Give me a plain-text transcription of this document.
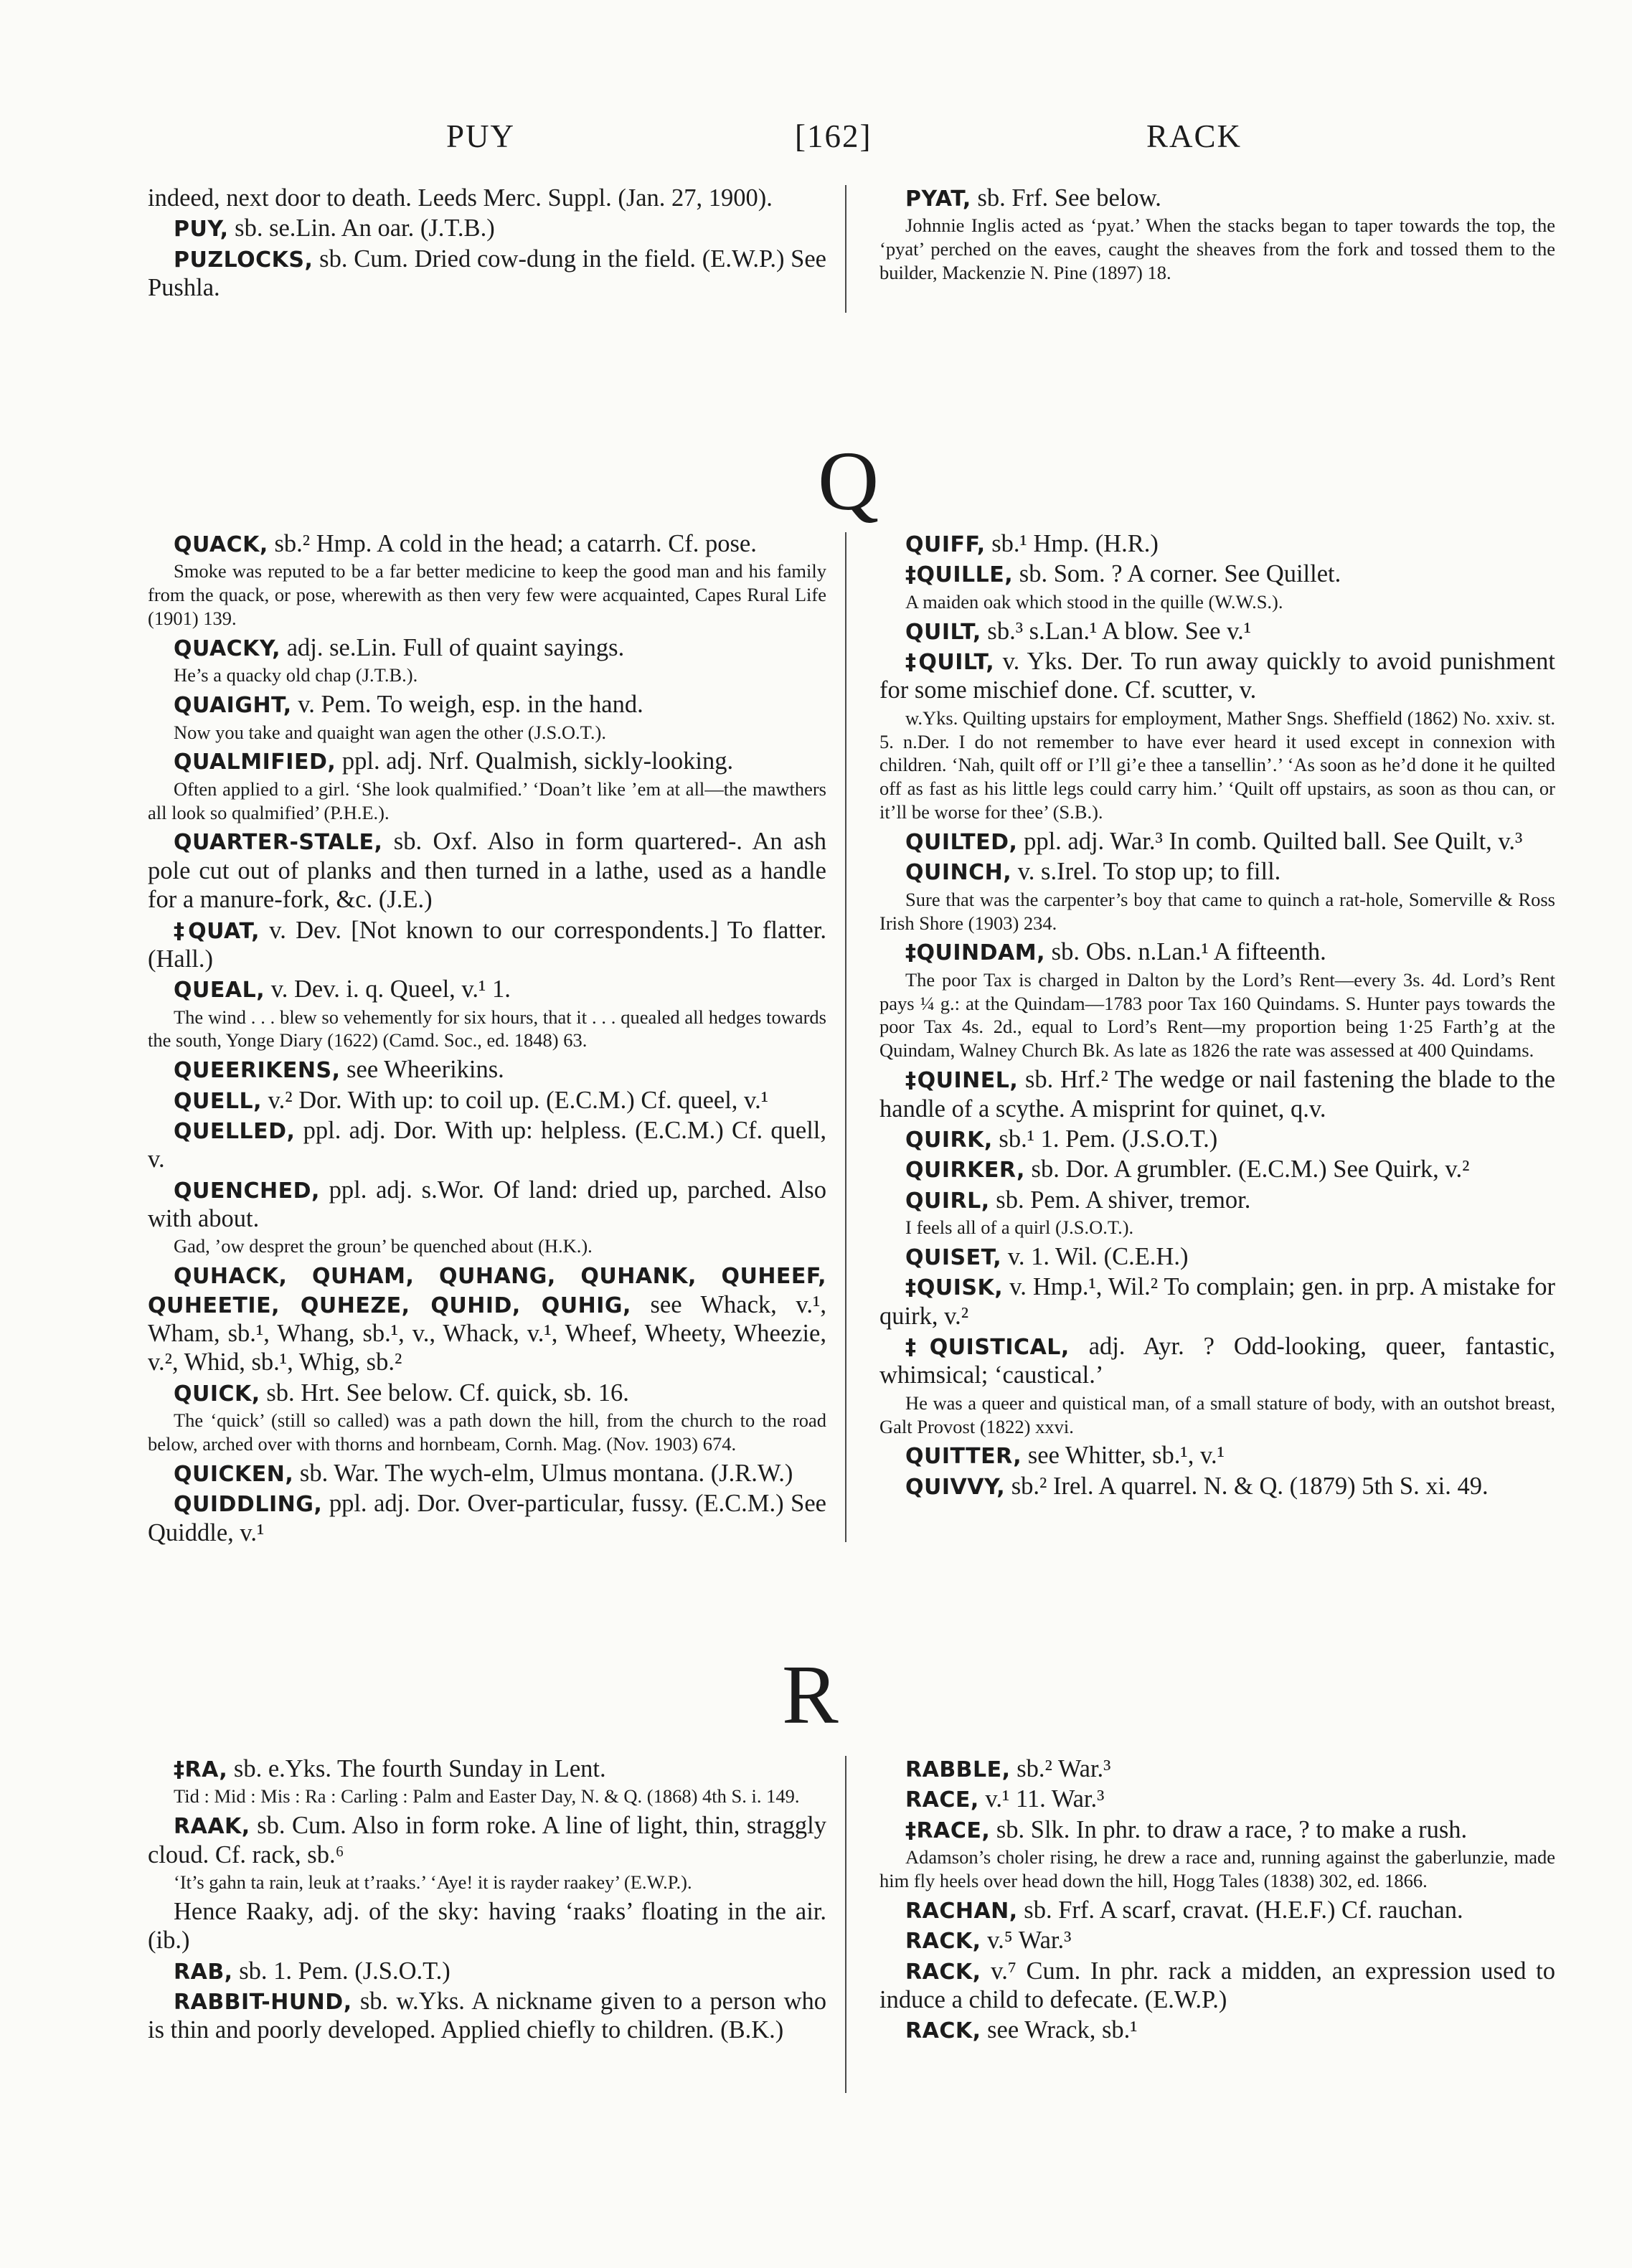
PUY	[162]	RACK

indeed, next door to death. Leeds Merc. Suppl. (Jan. 27, 1900).

PUY, sb. se.Lin. An oar. (J.T.B.)

PUZLOCKS, sb. Cum. Dried cow-dung in the field. (E.W.P.) See Pushla.

PYAT, sb. Frf. See below.

Johnnie Inglis acted as ‘pyat.’ When the stacks began to taper towards the top, the ‘pyat’ perched on the eaves, caught the sheaves from the fork and tossed them to the builder, Mackenzie N. Pine (1897) 18.

Q

QUACK, sb.² Hmp. A cold in the head; a catarrh. Cf. pose.

Smoke was reputed to be a far better medicine to keep the good man and his family from the quack, or pose, wherewith as then very few were acquainted, Capes Rural Life (1901) 139.

QUACKY, adj. se.Lin. Full of quaint sayings.

He’s a quacky old chap (J.T.B.).

QUAIGHT, v. Pem. To weigh, esp. in the hand.

Now you take and quaight wan agen the other (J.S.O.T.).

QUALMIFIED, ppl. adj. Nrf. Qualmish, sickly-looking.

Often applied to a girl. ‘She look qualmified.’ ‘Doan’t like ’em at all—the mawthers all look so qualmified’ (P.H.E.).

QUARTER-STALE, sb. Oxf. Also in form quartered-. An ash pole cut out of planks and then turned in a lathe, used as a handle for a manure-fork, &c. (J.E.)

‡QUAT, v. Dev. [Not known to our correspondents.] To flatter. (Hall.)

QUEAL, v. Dev. i. q. Queel, v.¹ 1.

The wind . . . blew so vehemently for six hours, that it . . . quealed all hedges towards the south, Yonge Diary (1622) (Camd. Soc., ed. 1848) 63.

QUEERIKENS, see Wheerikins.

QUELL, v.² Dor. With up: to coil up. (E.C.M.) Cf. queel, v.¹

QUELLED, ppl. adj. Dor. With up: helpless. (E.C.M.) Cf. quell, v.

QUENCHED, ppl. adj. s.Wor. Of land: dried up, parched. Also with about.

Gad, ’ow despret the groun’ be quenched about (H.K.).

QUHACK, QUHAM, QUHANG, QUHANK, QUHEEF, QUHEETIE, QUHEZE, QUHID, QUHIG, see Whack, v.¹, Wham, sb.¹, Whang, sb.¹, v., Whack, v.¹, Wheef, Wheety, Wheezie, v.², Whid, sb.¹, Whig, sb.²

QUICK, sb. Hrt. See below. Cf. quick, sb. 16.

The ‘quick’ (still so called) was a path down the hill, from the church to the road below, arched over with thorns and hornbeam, Cornh. Mag. (Nov. 1903) 674.

QUICKEN, sb. War. The wych-elm, Ulmus montana. (J.R.W.)

QUIDDLING, ppl. adj. Dor. Over-particular, fussy. (E.C.M.) See Quiddle, v.¹

QUIFF, sb.¹ Hmp. (H.R.)

‡QUILLE, sb. Som. ? A corner. See Quillet.

A maiden oak which stood in the quille (W.W.S.).

QUILT, sb.³ s.Lan.¹ A blow. See v.¹

‡QUILT, v. Yks. Der. To run away quickly to avoid punishment for some mischief done. Cf. scutter, v.

w.Yks. Quilting upstairs for employment, Mather Sngs. Sheffield (1862) No. xxiv. st. 5. n.Der. I do not remember to have ever heard it used except in connexion with children. ‘Nah, quilt off or I’ll gi’e thee a tansellin’.’ ‘As soon as he’d done it he quilted off as fast as his little legs could carry him.’ ‘Quilt off upstairs, as soon as thou can, or it’ll be worse for thee’ (S.B.).

QUILTED, ppl. adj. War.³ In comb. Quilted ball. See Quilt, v.³

QUINCH, v. s.Irel. To stop up; to fill.

Sure that was the carpenter’s boy that came to quinch a rat-hole, Somerville & Ross Irish Shore (1903) 234.

‡QUINDAM, sb. Obs. n.Lan.¹ A fifteenth.

The poor Tax is charged in Dalton by the Lord’s Rent—every 3s. 4d. Lord’s Rent pays ¼ g.: at the Quindam—1783 poor Tax 160 Quindams. S. Hunter pays towards the poor Tax 4s. 2d., equal to Lord’s Rent—my proportion being 1·25 Farth’g at the Quindam, Walney Church Bk. As late as 1826 the rate was assessed at 400 Quindams.

‡QUINEL, sb. Hrf.² The wedge or nail fastening the blade to the handle of a scythe. A misprint for quinet, q.v.

QUIRK, sb.¹ 1. Pem. (J.S.O.T.)

QUIRKER, sb. Dor. A grumbler. (E.C.M.) See Quirk, v.²

QUIRL, sb. Pem. A shiver, tremor.

I feels all of a quirl (J.S.O.T.).

QUISET, v. 1. Wil. (C.E.H.)

‡QUISK, v. Hmp.¹, Wil.² To complain; gen. in prp. A mistake for quirk, v.²

‡QUISTICAL, adj. Ayr. ? Odd-looking, queer, fantastic, whimsical; ‘caustical.’

He was a queer and quistical man, of a small stature of body, with an outshot breast, Galt Provost (1822) xxvi.

QUITTER, see Whitter, sb.¹, v.¹

QUIVVY, sb.² Irel. A quarrel. N. & Q. (1879) 5th S. xi. 49.

R

‡RA, sb. e.Yks. The fourth Sunday in Lent.

Tid : Mid : Mis : Ra : Carling : Palm and Easter Day, N. & Q. (1868) 4th S. i. 149.

RAAK, sb. Cum. Also in form roke. A line of light, thin, straggly cloud. Cf. rack, sb.⁶

‘It’s gahn ta rain, leuk at t’raaks.’ ‘Aye! it is rayder raakey’ (E.W.P.).

Hence Raaky, adj. of the sky: having ‘raaks’ floating in the air. (ib.)

RAB, sb. 1. Pem. (J.S.O.T.)

RABBIT-HUND, sb. w.Yks. A nickname given to a person who is thin and poorly developed. Applied chiefly to children. (B.K.)

RABBLE, sb.² War.³

RACE, v.¹ 11. War.³

‡RACE, sb. Slk. In phr. to draw a race, ? to make a rush.

Adamson’s choler rising, he drew a race and, running against the gaberlunzie, made him fly heels over head down the hill, Hogg Tales (1838) 302, ed. 1866.

RACHAN, sb. Frf. A scarf, cravat. (H.E.F.) Cf. rauchan.

RACK, v.⁵ War.³

RACK, v.⁷ Cum. In phr. rack a midden, an expression used to induce a child to defecate. (E.W.P.)

RACK, see Wrack, sb.¹
